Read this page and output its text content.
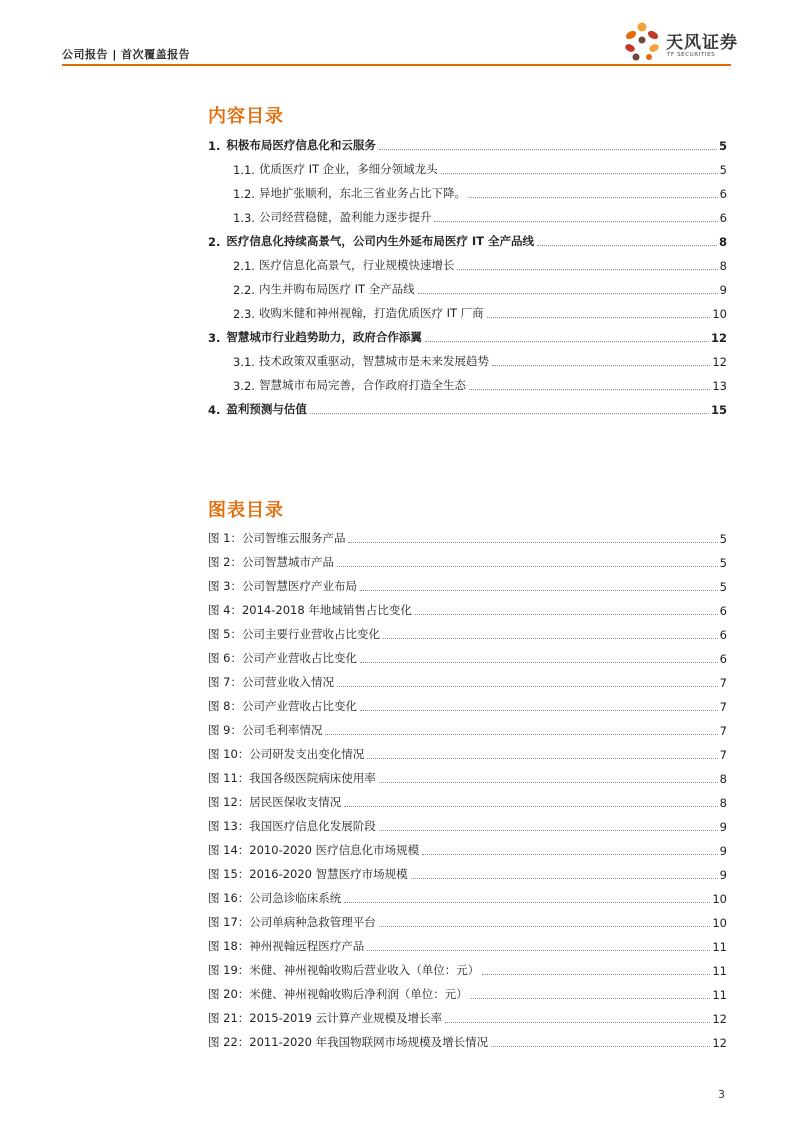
公司报告 | 首次覆盖报告
天风证券
TF SECURITIES
内容目录
1. 积极布局医疗信息化和云服务	5
1.1. 优质医疗 IT 企业，多细分领域龙头	5
1.2. 异地扩张顺利，东北三省业务占比下降。	6
1.3. 公司经营稳健，盈利能力逐步提升	6
2. 医疗信息化持续高景气，公司内生外延布局医疗 IT 全产品线	8
2.1. 医疗信息化高景气，行业规模快速增长	8
2.2. 内生并购布局医疗 IT 全产品线	9
2.3. 收购米健和神州视翰，打造优质医疗 IT 厂商	10
3. 智慧城市行业趋势助力，政府合作添翼	12
3.1. 技术政策双重驱动，智慧城市是未来发展趋势	12
3.2. 智慧城市布局完善，合作政府打造全生态	13
4. 盈利预测与估值	15
图表目录
图 1： 公司智维云服务产品	5
图 2： 公司智慧城市产品	5
图 3： 公司智慧医疗产业布局	5
图 4： 2014-2018 年地域销售占比变化	6
图 5： 公司主要行业营收占比变化	6
图 6： 公司产业营收占比变化	6
图 7： 公司营业收入情况	7
图 8： 公司产业营收占比变化	7
图 9： 公司毛利率情况	7
图 10： 公司研发支出变化情况	7
图 11： 我国各级医院病床使用率	8
图 12： 居民医保收支情况	8
图 13： 我国医疗信息化发展阶段	9
图 14： 2010-2020 医疗信息化市场规模	9
图 15： 2016-2020 智慧医疗市场规模	9
图 16： 公司急诊临床系统	10
图 17： 公司单病种急救管理平台	10
图 18： 神州视翰远程医疗产品	11
图 19： 米健、神州视翰收购后营业收入（单位：元）	11
图 20： 米健、神州视翰收购后净利润（单位：元）	11
图 21： 2015-2019 云计算产业规模及增长率	12
图 22： 2011-2020 年我国物联网市场规模及增长情况	12
3
